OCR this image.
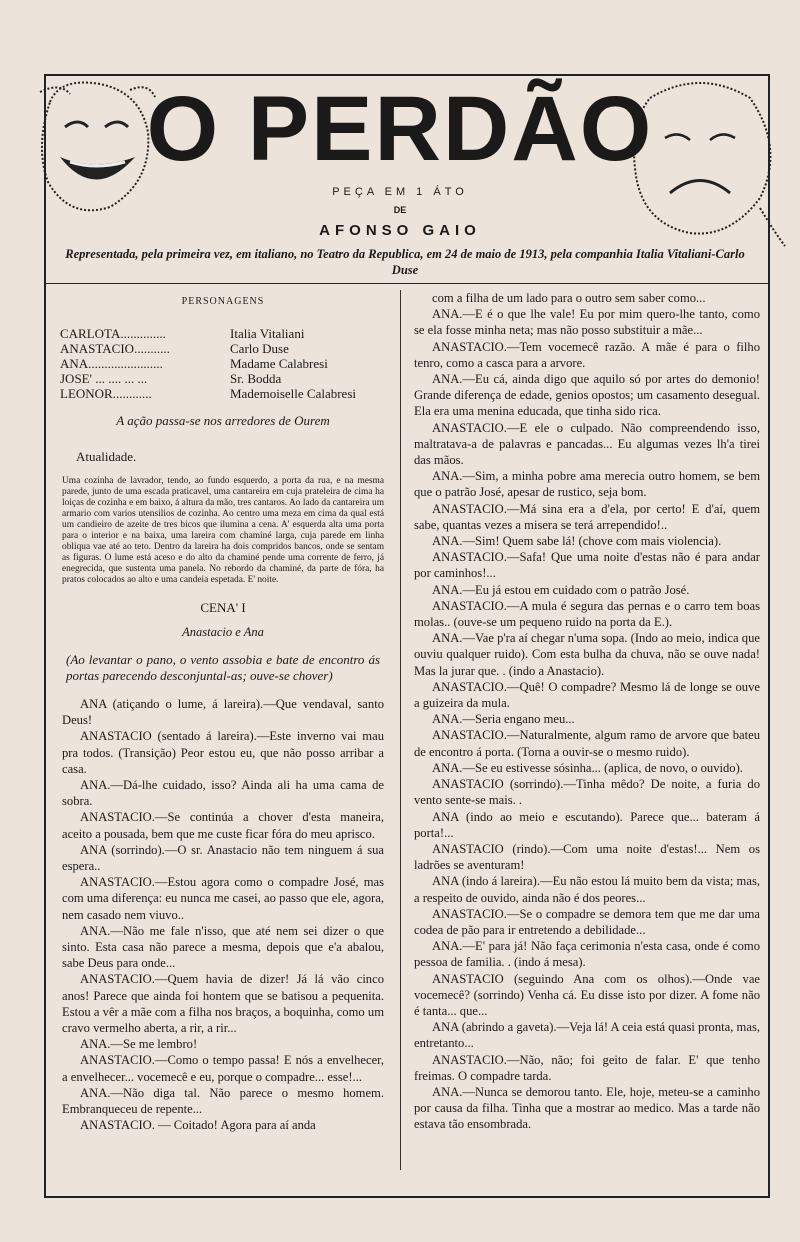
O PERDÃO
PEÇA EM 1 ÁTO
DE
AFONSO GAIO
Representada, pela primeira vez, em italiano, no Teatro da Republica, em 24 de maio de 1913, pela companhia Italia Vitaliani-Carlo Duse
PERSONAGENS
CARLOTA..............	Italia Vitaliani
ANASTACIO...........	Carlo Duse
ANA.......................	Madame Calabresi
JOSE' ... .... ... ...	Sr. Bodda
LEONOR............	Mademoiselle Calabresi
A ação passa-se nos arredores de Ourem
Atualidade.

Uma cozinha de lavrador, tendo, ao fundo esquerdo, a porta da rua, e na mesma parede, junto de uma escada praticavel, uma cantareira em cuja prateleira de cima ha loiças de cozinha e em baixo, á altura da mão, tres cantaros. Ao lado da cantareira um armario com varios utensilios de cozinha. Ao centro uma meza em cima da qual está um candieiro de azeite de tres bicos que ilumina a cena. A' esquerda alta uma porta para o interior e na baixa, uma lareira com chaminé larga, cuja parede em linha obliqua vae até ao teto. Dentro da lareira ha dois compridos bancos, onde se sentam as figuras. O lume está aceso e do alto da chaminé pende uma corrente de ferro, já enegrecida, que sustenta uma panela. No rebordo da chaminé, da parte de fóra, ha pratos colocados ao alto e uma candeia espetada. E' noite.

CENA' I
Anastacio e Ana
(Ao levantar o pano, o vento assobia e bate de encontro ás portas parecendo desconjuntal-as; ouve-se chover)

ANA (atiçando o lume, á lareira).—Que vendaval, santo Deus!

ANASTACIO (sentado á lareira).—Este inverno vai mau pra todos. (Transição) Peor estou eu, que não posso arribar a casa.

ANA.—Dá-lhe cuidado, isso? Ainda ali ha uma cama de sobra.

ANASTACIO.—Se continúa a chover d'esta maneira, aceito a pousada, bem que me custe ficar fóra do meu aprisco.

ANA (sorrindo).—O sr. Anastacio não tem ninguem á sua espera..

ANASTACIO.—Estou agora como o compadre José, mas com uma diferença: eu nunca me casei, ao passo que ele, agora, nem casado nem viuvo..

ANA.—Não me fale n'isso, que até nem sei dizer o que sinto. Esta casa não parece a mesma, depois que e'a abalou, sabe Deus para onde...

ANASTACIO.—Quem havia de dizer! Já lá vão cinco anos! Parece que ainda foi hontem que se batisou a pequenita. Estou a vêr a mãe com a filha nos braços, a boquinha, como um cravo vermelho aberta, a rir, a rir...

ANA.—Se me lembro!

ANASTACIO.—Como o tempo passa! E nós a envelhecer, a envelhecer... vocemecê e eu, porque o compadre... esse!...

ANA.—Não diga tal. Não parece o mesmo homem. Embranqueceu de repente...

ANASTACIO. — Coitado! Agora para aí anda

com a filha de um lado para o outro sem saber como...

ANA.—E é o que lhe vale! Eu por mim quero-lhe tanto, como se ela fosse minha neta; mas não posso substituir a mãe...

ANASTACIO.—Tem vocemecê razão. A mãe é para o filho tenro, como a casca para a arvore.

ANA.—Eu cá, ainda digo que aquilo só por artes do demonio! Grande diferença de edade, genios opostos; um casamento desegual. Ela era uma menina educada, que tinha sido rica.

ANASTACIO.—E ele o culpado. Não compreendendo isso, maltratava-a de palavras e pancadas... Eu algumas vezes lh'a tirei das mãos.

ANA.—Sim, a minha pobre ama merecia outro homem, se bem que o patrão José, apesar de rustico, seja bom.

ANASTACIO.—Má sina era a d'ela, por certo! E d'aí, quem sabe, quantas vezes a misera se terá arrependido!..

ANA.—Sim! Quem sabe lá! (chove com mais violencia).

ANASTACIO.—Safa! Que uma noite d'estas não é para andar por caminhos!...

ANA.—Eu já estou em cuidado com o patrão José.

ANASTACIO.—A mula é segura das pernas e o carro tem boas molas.. (ouve-se um pequeno ruido na porta da E.).

ANA.—Vae p'ra aí chegar n'uma sopa. (Indo ao meio, indica que ouviu qualquer ruido). Com esta bulha da chuva, não se ouve nada! Mas la jurar que. . (indo a Anastacio).

ANASTACIO.—Quê! O compadre? Mesmo lá de longe se ouve a guizeira da mula.

ANA.—Seria engano meu...

ANASTACIO.—Naturalmente, algum ramo de arvore que bateu de encontro á porta. (Torna a ouvir-se o mesmo ruido).

ANA.—Se eu estivesse sósinha... (aplica, de novo, o ouvido).

ANASTACIO (sorrindo).—Tinha mêdo? De noite, a furia do vento sente-se mais. .

ANA (indo ao meio e escutando). Parece que... bateram á porta!...

ANASTACIO (rindo).—Com uma noite d'estas!... Nem os ladrões se aventuram!

ANA (indo á lareira).—Eu não estou lá muito bem da vista; mas, a respeito de ouvido, ainda não é dos peores...

ANASTACIO.—Se o compadre se demora tem que me dar uma codea de pão para ir entretendo a debilidade...

ANA.—E' para já! Não faça cerimonia n'esta casa, onde é como pessoa de familia. . (indo á mesa).

ANASTACIO (seguindo Ana com os olhos).—Onde vae vocemecê? (sorrindo) Venha cá. Eu disse isto por dizer. A fome não é tanta... que...

ANA (abrindo a gaveta).—Veja lá! A ceia está quasi pronta, mas, entretanto...

ANASTACIO.—Não, não; foi geito de falar. E' que tenho freimas. O compadre tarda.

ANA.—Nunca se demorou tanto. Ele, hoje, meteu-se a caminho por causa da filha. Tinha que a mostrar ao medico. Mas a tarde não estava tão ensombrada.
